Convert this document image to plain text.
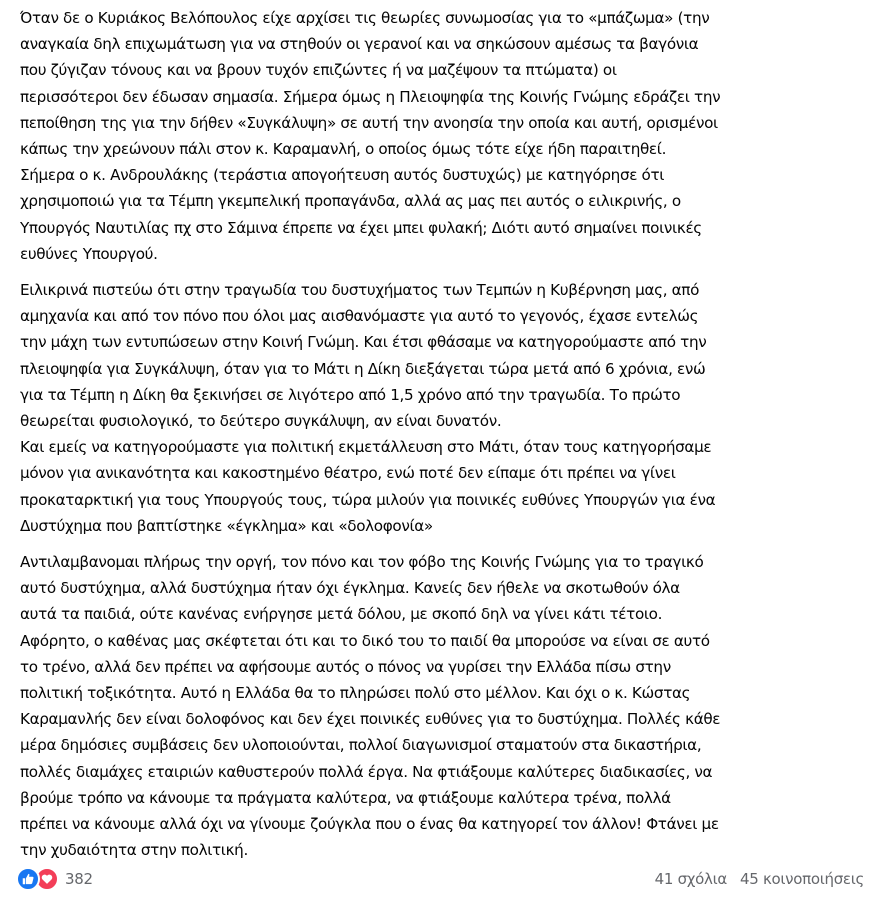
Όταν δε ο Κυριάκος Βελόπουλος είχε αρχίσει τις θεωρίες συνωμοσίας για το «μπάζωμα» (την
αναγκαία δηλ επιχωμάτωση για να στηθούν οι γερανοί και να σηκώσουν αμέσως τα βαγόνια
που ζύγιζαν τόνους και να βρουν τυχόν επιζώντες ή να μαζέψουν τα πτώματα) οι
περισσότεροι δεν έδωσαν σημασία. Σήμερα όμως η Πλειοψηφία της Κοινής Γνώμης εδράζει την
πεποίθηση της για την δήθεν «Συγκάλυψη» σε αυτή την ανοησία την οποία και αυτή, ορισμένοι
κάπως την χρεώνουν πάλι στον κ. Καραμανλή, ο οποίος όμως τότε είχε ήδη παραιτηθεί.
Σήμερα ο κ. Ανδρουλάκης (τεράστια απογοήτευση αυτός δυστυχώς) με κατηγόρησε ότι
χρησιμοποιώ για τα Τέμπη γκεμπελική προπαγάνδα, αλλά ας μας πει αυτός ο ειλικρινής, ο
Υπουργός Ναυτιλίας πχ στο Σάμινα έπρεπε να έχει μπει φυλακή; Διότι αυτό σημαίνει ποινικές
ευθύνες Υπουργού.

Ειλικρινά πιστεύω ότι στην τραγωδία του δυστυχήματος των Τεμπών η Κυβέρνηση μας, από
αμηχανία και από τον πόνο που όλοι μας αισθανόμαστε για αυτό το γεγονός, έχασε εντελώς
την μάχη των εντυπώσεων στην Κοινή Γνώμη. Και έτσι φθάσαμε να κατηγορούμαστε από την
πλειοψηφία για Συγκάλυψη, όταν για το Μάτι η Δίκη διεξάγεται τώρα μετά από 6 χρόνια, ενώ
για τα Τέμπη η Δίκη θα ξεκινήσει σε λιγότερο από 1,5 χρόνο από την τραγωδία. Το πρώτο
θεωρείται φυσιολογικό, το δεύτερο συγκάλυψη, αν είναι δυνατόν.
Και εμείς να κατηγορούμαστε για πολιτική εκμετάλλευση στο Μάτι, όταν τους κατηγορήσαμε
μόνον για ανικανότητα και κακοστημένο θέατρο, ενώ ποτέ δεν είπαμε ότι πρέπει να γίνει
προκαταρκτική για τους Υπουργούς τους, τώρα μιλούν για ποινικές ευθύνες Υπουργών για ένα
Δυστύχημα που βαπτίστηκε «έγκλημα» και «δολοφονία»

Αντιλαμβανομαι πλήρως την οργή, τον πόνο και τον φόβο της Κοινής Γνώμης για το τραγικό
αυτό δυστύχημα, αλλά δυστύχημα ήταν όχι έγκλημα. Κανείς δεν ήθελε να σκοτωθούν όλα
αυτά τα παιδιά, ούτε κανένας ενήργησε μετά δόλου, με σκοπό δηλ να γίνει κάτι τέτοιο.
Αφόρητο, ο καθένας μας σκέφτεται ότι και το δικό του το παιδί θα μπορούσε να είναι σε αυτό
το τρένο, αλλά δεν πρέπει να αφήσουμε αυτός ο πόνος να γυρίσει την Ελλάδα πίσω στην
πολιτική τοξικότητα. Αυτό η Ελλάδα θα το πληρώσει πολύ στο μέλλον. Και όχι ο κ. Κώστας
Καραμανλής δεν είναι δολοφόνος και δεν έχει ποινικές ευθύνες για το δυστύχημα. Πολλές κάθε
μέρα δημόσιες συμβάσεις δεν υλοποιούνται, πολλοί διαγωνισμοί σταματούν στα δικαστήρια,
πολλές διαμάχες εταιριών καθυστερούν πολλά έργα. Να φτιάξουμε καλύτερες διαδικασίες, να
βρούμε τρόπο να κάνουμε τα πράγματα καλύτερα, να φτιάξουμε καλύτερα τρένα, πολλά
πρέπει να κάνουμε αλλά όχι να γίνουμε ζούγκλα που ο ένας θα κατηγορεί τον άλλον! Φτάνει με
την χυδαιότητα στην πολιτική.

382	41 σχόλια 45 κοινοποιήσεις
